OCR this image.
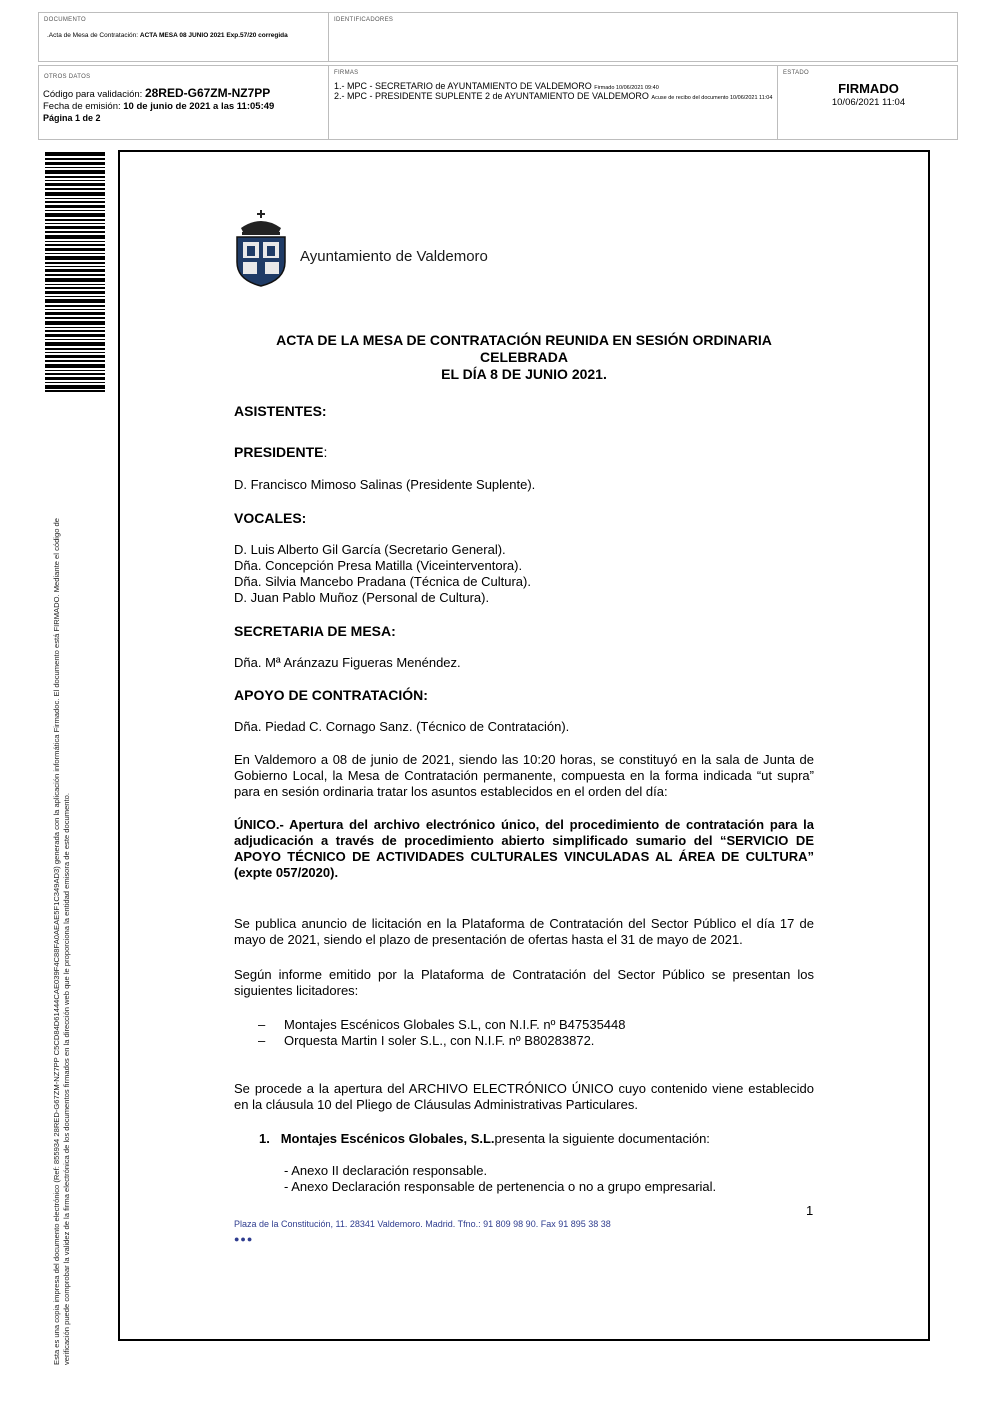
DOCUMENTO
.Acta de Mesa de Contratación: ACTA MESA 08 JUNIO 2021 Exp.57/20 corregida
IDENTIFICADORES
OTROS DATOS
Código para validación: 28RED-G67ZM-NZ7PP
Fecha de emisión: 10 de junio de 2021 a las 11:05:49
Página 1 de 2
FIRMAS
1.- MPC - SECRETARIO de AYUNTAMIENTO DE VALDEMORO Firmado 10/06/2021 09:40
2.- MPC - PRESIDENTE SUPLENTE 2 de AYUNTAMIENTO DE VALDEMORO Acuse de recibo del documento 10/06/2021 11:04
ESTADO
FIRMADO
10/06/2021 11:04
Esta es una copia impresa del documento electrónico (Ref: 855934 28RED-G67ZM-NZ7PP C5CD84D61444CAE039F4C88FA0AEAE5F1C349AD3) generada con la aplicación informática Firmadoc. El documento está FIRMADO. Mediante el código de verificación puede comprobar la validez de la firma electrónica de los documentos firmados en la dirección web que le proporciona la entidad emisora de este documento.
Ayuntamiento de Valdemoro
ACTA DE LA MESA DE CONTRATACIÓN REUNIDA EN SESIÓN ORDINARIA CELEBRADA
EL DÍA 8 DE JUNIO 2021.
ASISTENTES:
PRESIDENTE:
D. Francisco Mimoso Salinas (Presidente Suplente).
VOCALES:
D. Luis Alberto Gil García (Secretario General).
Dña. Concepción Presa Matilla (Viceinterventora).
Dña. Silvia Mancebo Pradana (Técnica de Cultura).
D. Juan Pablo Muñoz (Personal de Cultura).
SECRETARIA DE MESA:
Dña. Mª Aránzazu Figueras Menéndez.
APOYO DE CONTRATACIÓN:
Dña. Piedad C. Cornago Sanz. (Técnico de Contratación).
En Valdemoro a 08 de junio de 2021, siendo las 10:20 horas, se constituyó en la sala de Junta de Gobierno Local, la Mesa de Contratación permanente, compuesta en la forma indicada “ut supra” para en sesión ordinaria tratar los asuntos establecidos en el orden del día:
ÚNICO.- Apertura del archivo electrónico único, del procedimiento de contratación para la adjudicación a través de procedimiento abierto simplificado sumario del “SERVICIO DE APOYO TÉCNICO DE ACTIVIDADES CULTURALES VINCULADAS AL ÁREA DE CULTURA” (expte 057/2020).
Se publica anuncio de licitación en la Plataforma de Contratación del Sector Público el día 17 de mayo de 2021, siendo el plazo de presentación de ofertas hasta el 31 de mayo de 2021.
Según informe emitido por la Plataforma de Contratación del Sector Público se presentan los siguientes licitadores:
– Montajes Escénicos Globales S.L, con N.I.F. nº B47535448
– Orquesta Martin I soler S.L., con N.I.F. nº B80283872.
Se procede a la apertura del ARCHIVO ELECTRÓNICO ÚNICO cuyo contenido viene establecido en la cláusula 10 del Pliego de Cláusulas Administrativas Particulares.
1. Montajes Escénicos Globales, S.L.presenta la siguiente documentación:
- Anexo II declaración responsable.
- Anexo Declaración responsable de pertenencia o no a grupo empresarial.
1
Plaza de la Constitución, 11. 28341 Valdemoro. Madrid. Tfno.: 91 809 98 90. Fax 91 895 38 38
●●●
